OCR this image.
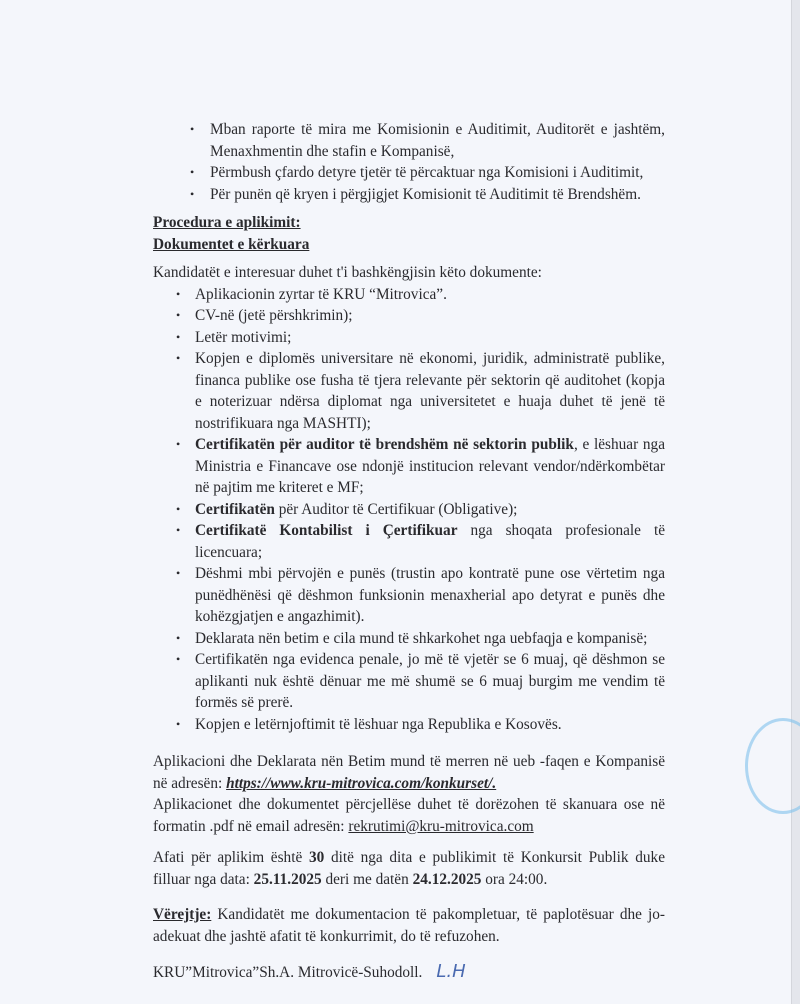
• Mban raporte të mira me Komisionin e Auditimit, Auditorët e jashtëm, Menaxhmentin dhe stafin e Kompanisë,
• Përmbush çfardo detyre tjetër të përcaktuar nga Komisioni i Auditimit,
• Për punën që kryen i përgjigjet Komisionit të Auditimit të Brendshëm.

Procedura e aplikimit:

Dokumentet e kërkuara

Kandidatët e interesuar duhet t'i bashkëngjisin këto dokumente:

• Aplikacionin zyrtar të KRU “Mitrovica”.
• CV-në (jetë përshkrimin);
• Letër motivimi;
• Kopjen e diplomës universitare në ekonomi, juridik, administratë publike, financa publike ose fusha të tjera relevante për sektorin që auditohet (kopja e noterizuar ndërsa diplomat nga universitetet e huaja duhet të jenë të nostrifikuara nga MASHTI);
• Certifikatën për auditor të brendshëm në sektorin publik, e lëshuar nga Ministria e Financave ose ndonjë institucion relevant vendor/ndërkombëtar në pajtim me kriteret e MF;
• Certifikatën për Auditor të Certifikuar (Obligative);
• Certifikatë Kontabilist i Çertifikuar nga shoqata profesionale të licencuara;
• Dëshmi mbi përvojën e punës (trustin apo kontratë pune ose vërtetim nga punëdhënësi që dëshmon funksionin menaxherial apo detyrat e punës dhe kohëzgjatjen e angazhimit).
• Deklarata nën betim e cila mund të shkarkohet nga uebfaqja e kompanisë;
• Certifikatën nga evidenca penale, jo më të vjetër se 6 muaj, që dëshmon se aplikanti nuk është dënuar me më shumë se 6 muaj burgim me vendim të formës së prerë.
• Kopjen e letërnjoftimit të lëshuar nga Republika e Kosovës.

Aplikacioni dhe Deklarata nën Betim mund të merren në ueb -faqen e Kompanisë në adresën: https://www.kru-mitrovica.com/konkurset/.

Aplikacionet dhe dokumentet përcjellëse duhet të dorëzohen të skanuara ose në formatin .pdf në email adresën: rekrutimi@kru-mitrovica.com

Afati për aplikim është 30 ditë nga dita e publikimit të Konkursit Publik duke filluar nga data: 25.11.2025 deri me datën 24.12.2025 ora 24:00.

Vërejtje: Kandidatët me dokumentacion të pakompletuar, të paplotësuar dhe jo-adekuat dhe jashtë afatit të konkurrimit, do të refuzohen.

KRU”Mitrovica”Sh.A. Mitrovicë-Suhodoll. L.H
